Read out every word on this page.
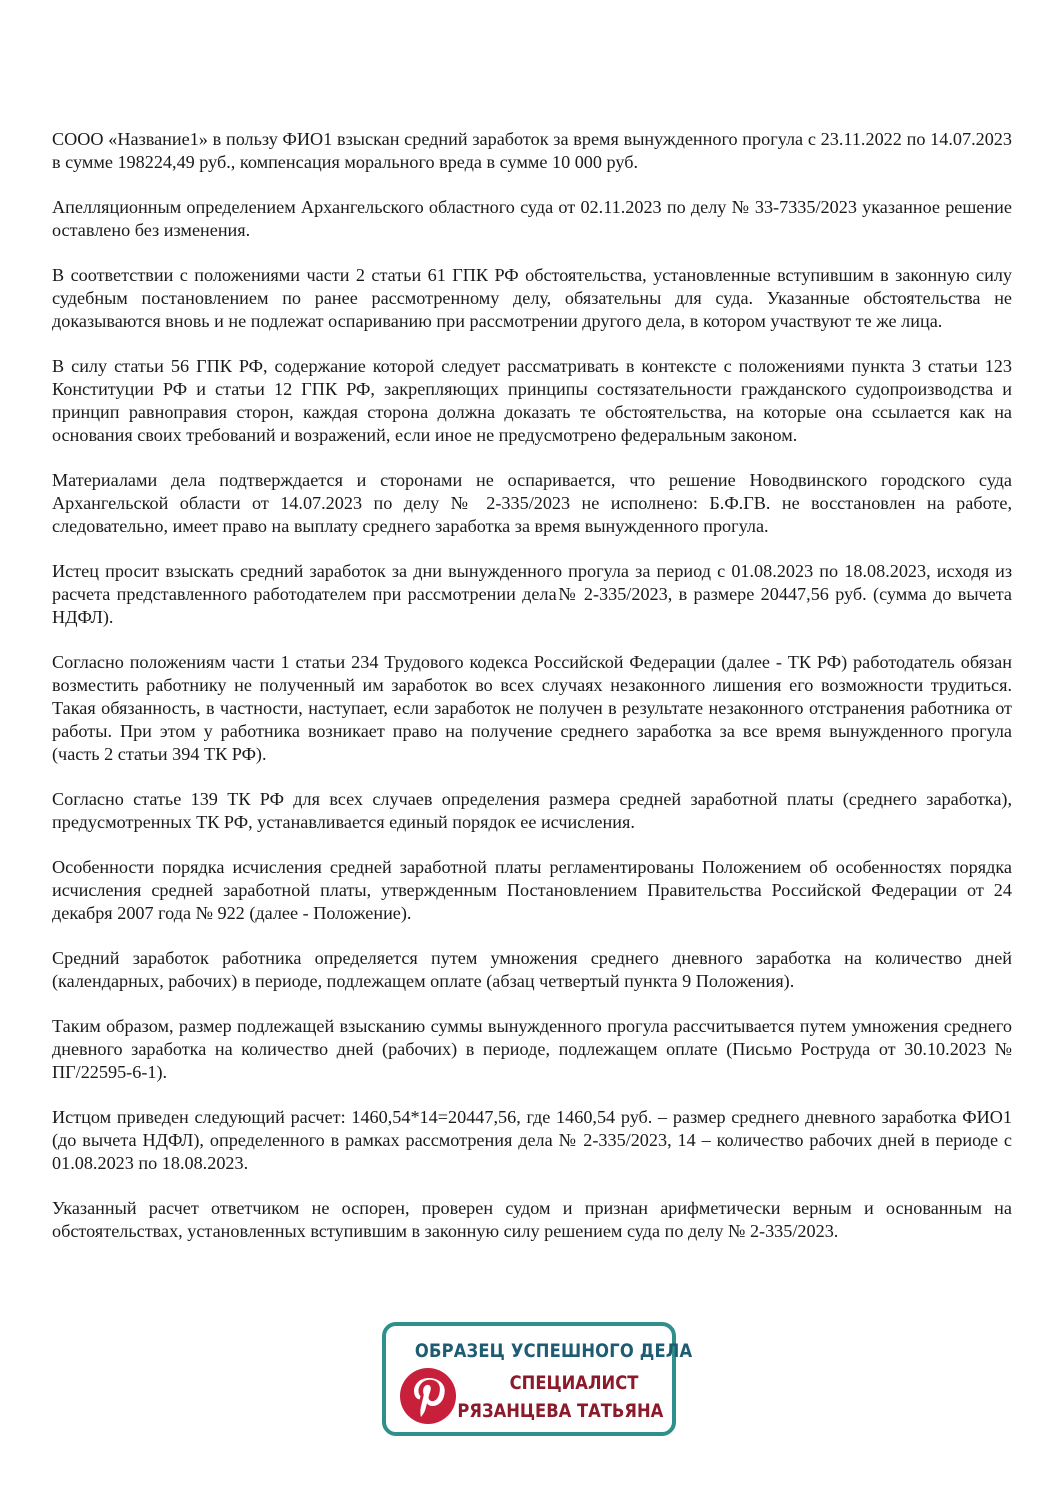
СООО «Название1» в пользу ФИО1 взыскан средний заработок за время вынужденного прогула с 23.11.2022 по 14.07.2023 в сумме 198224,49 руб., компенсация морального вреда в сумме 10 000 руб.

Апелляционным определением Архангельского областного суда от 02.11.2023 по делу № 33-7335/2023 указанное решение оставлено без изменения.

В соответствии с положениями части 2 статьи 61 ГПК РФ обстоятельства, установленные вступившим в законную силу судебным постановлением по ранее рассмотренному делу, обязательны для суда. Указанные обстоятельства не доказываются вновь и не подлежат оспариванию при рассмотрении другого дела, в котором участвуют те же лица.

В силу статьи 56 ГПК РФ, содержание которой следует рассматривать в контексте с положениями пункта 3 статьи 123 Конституции РФ и статьи 12 ГПК РФ, закрепляющих принципы состязательности гражданского судопроизводства и принцип равноправия сторон, каждая сторона должна доказать те обстоятельства, на которые она ссылается как на основания своих требований и возражений, если иное не предусмотрено федеральным законом.

Материалами дела подтверждается и сторонами не оспаривается, что решение Новодвинского городского суда Архангельской области от 14.07.2023 по делу № 2-335/2023 не исполнено: Б.Ф.ГВ. не восстановлен на работе, следовательно, имеет право на выплату среднего заработка за время вынужденного прогула.

Истец просит взыскать средний заработок за дни вынужденного прогула за период с 01.08.2023 по 18.08.2023, исходя из расчета представленного работодателем при рассмотрении дела№ 2-335/2023, в размере 20447,56 руб. (сумма до вычета НДФЛ).

Согласно положениям части 1 статьи 234 Трудового кодекса Российской Федерации (далее - ТК РФ) работодатель обязан возместить работнику не полученный им заработок во всех случаях незаконного лишения его возможности трудиться. Такая обязанность, в частности, наступает, если заработок не получен в результате незаконного отстранения работника от работы. При этом у работника возникает право на получение среднего заработка за все время вынужденного прогула (часть 2 статьи 394 ТК РФ).

Согласно статье 139 ТК РФ для всех случаев определения размера средней заработной платы (среднего заработка), предусмотренных ТК РФ, устанавливается единый порядок ее исчисления.

Особенности порядка исчисления средней заработной платы регламентированы Положением об особенностях порядка исчисления средней заработной платы, утвержденным Постановлением Правительства Российской Федерации от 24 декабря 2007 года № 922 (далее - Положение).

Средний заработок работника определяется путем умножения среднего дневного заработка на количество дней (календарных, рабочих) в периоде, подлежащем оплате (абзац четвертый пункта 9 Положения).

Таким образом, размер подлежащей взысканию суммы вынужденного прогула рассчитывается путем умножения среднего дневного заработка на количество дней (рабочих) в периоде, подлежащем оплате (Письмо Роструда от 30.10.2023 № ПГ/22595-6-1).

Истцом приведен следующий расчет: 1460,54*14=20447,56, где 1460,54 руб. – размер среднего дневного заработка ФИО1 (до вычета НДФЛ), определенного в рамках рассмотрения дела № 2-335/2023, 14 – количество рабочих дней в периоде с 01.08.2023 по 18.08.2023.

Указанный расчет ответчиком не оспорен, проверен судом и признан арифметически верным и основанным на обстоятельствах, установленных вступившим в законную силу решением суда по делу № 2-335/2023.

ОБРАЗЕЦ УСПЕШНОГО ДЕЛА
СПЕЦИАЛИСТ
РЯЗАНЦЕВА ТАТЬЯНА
